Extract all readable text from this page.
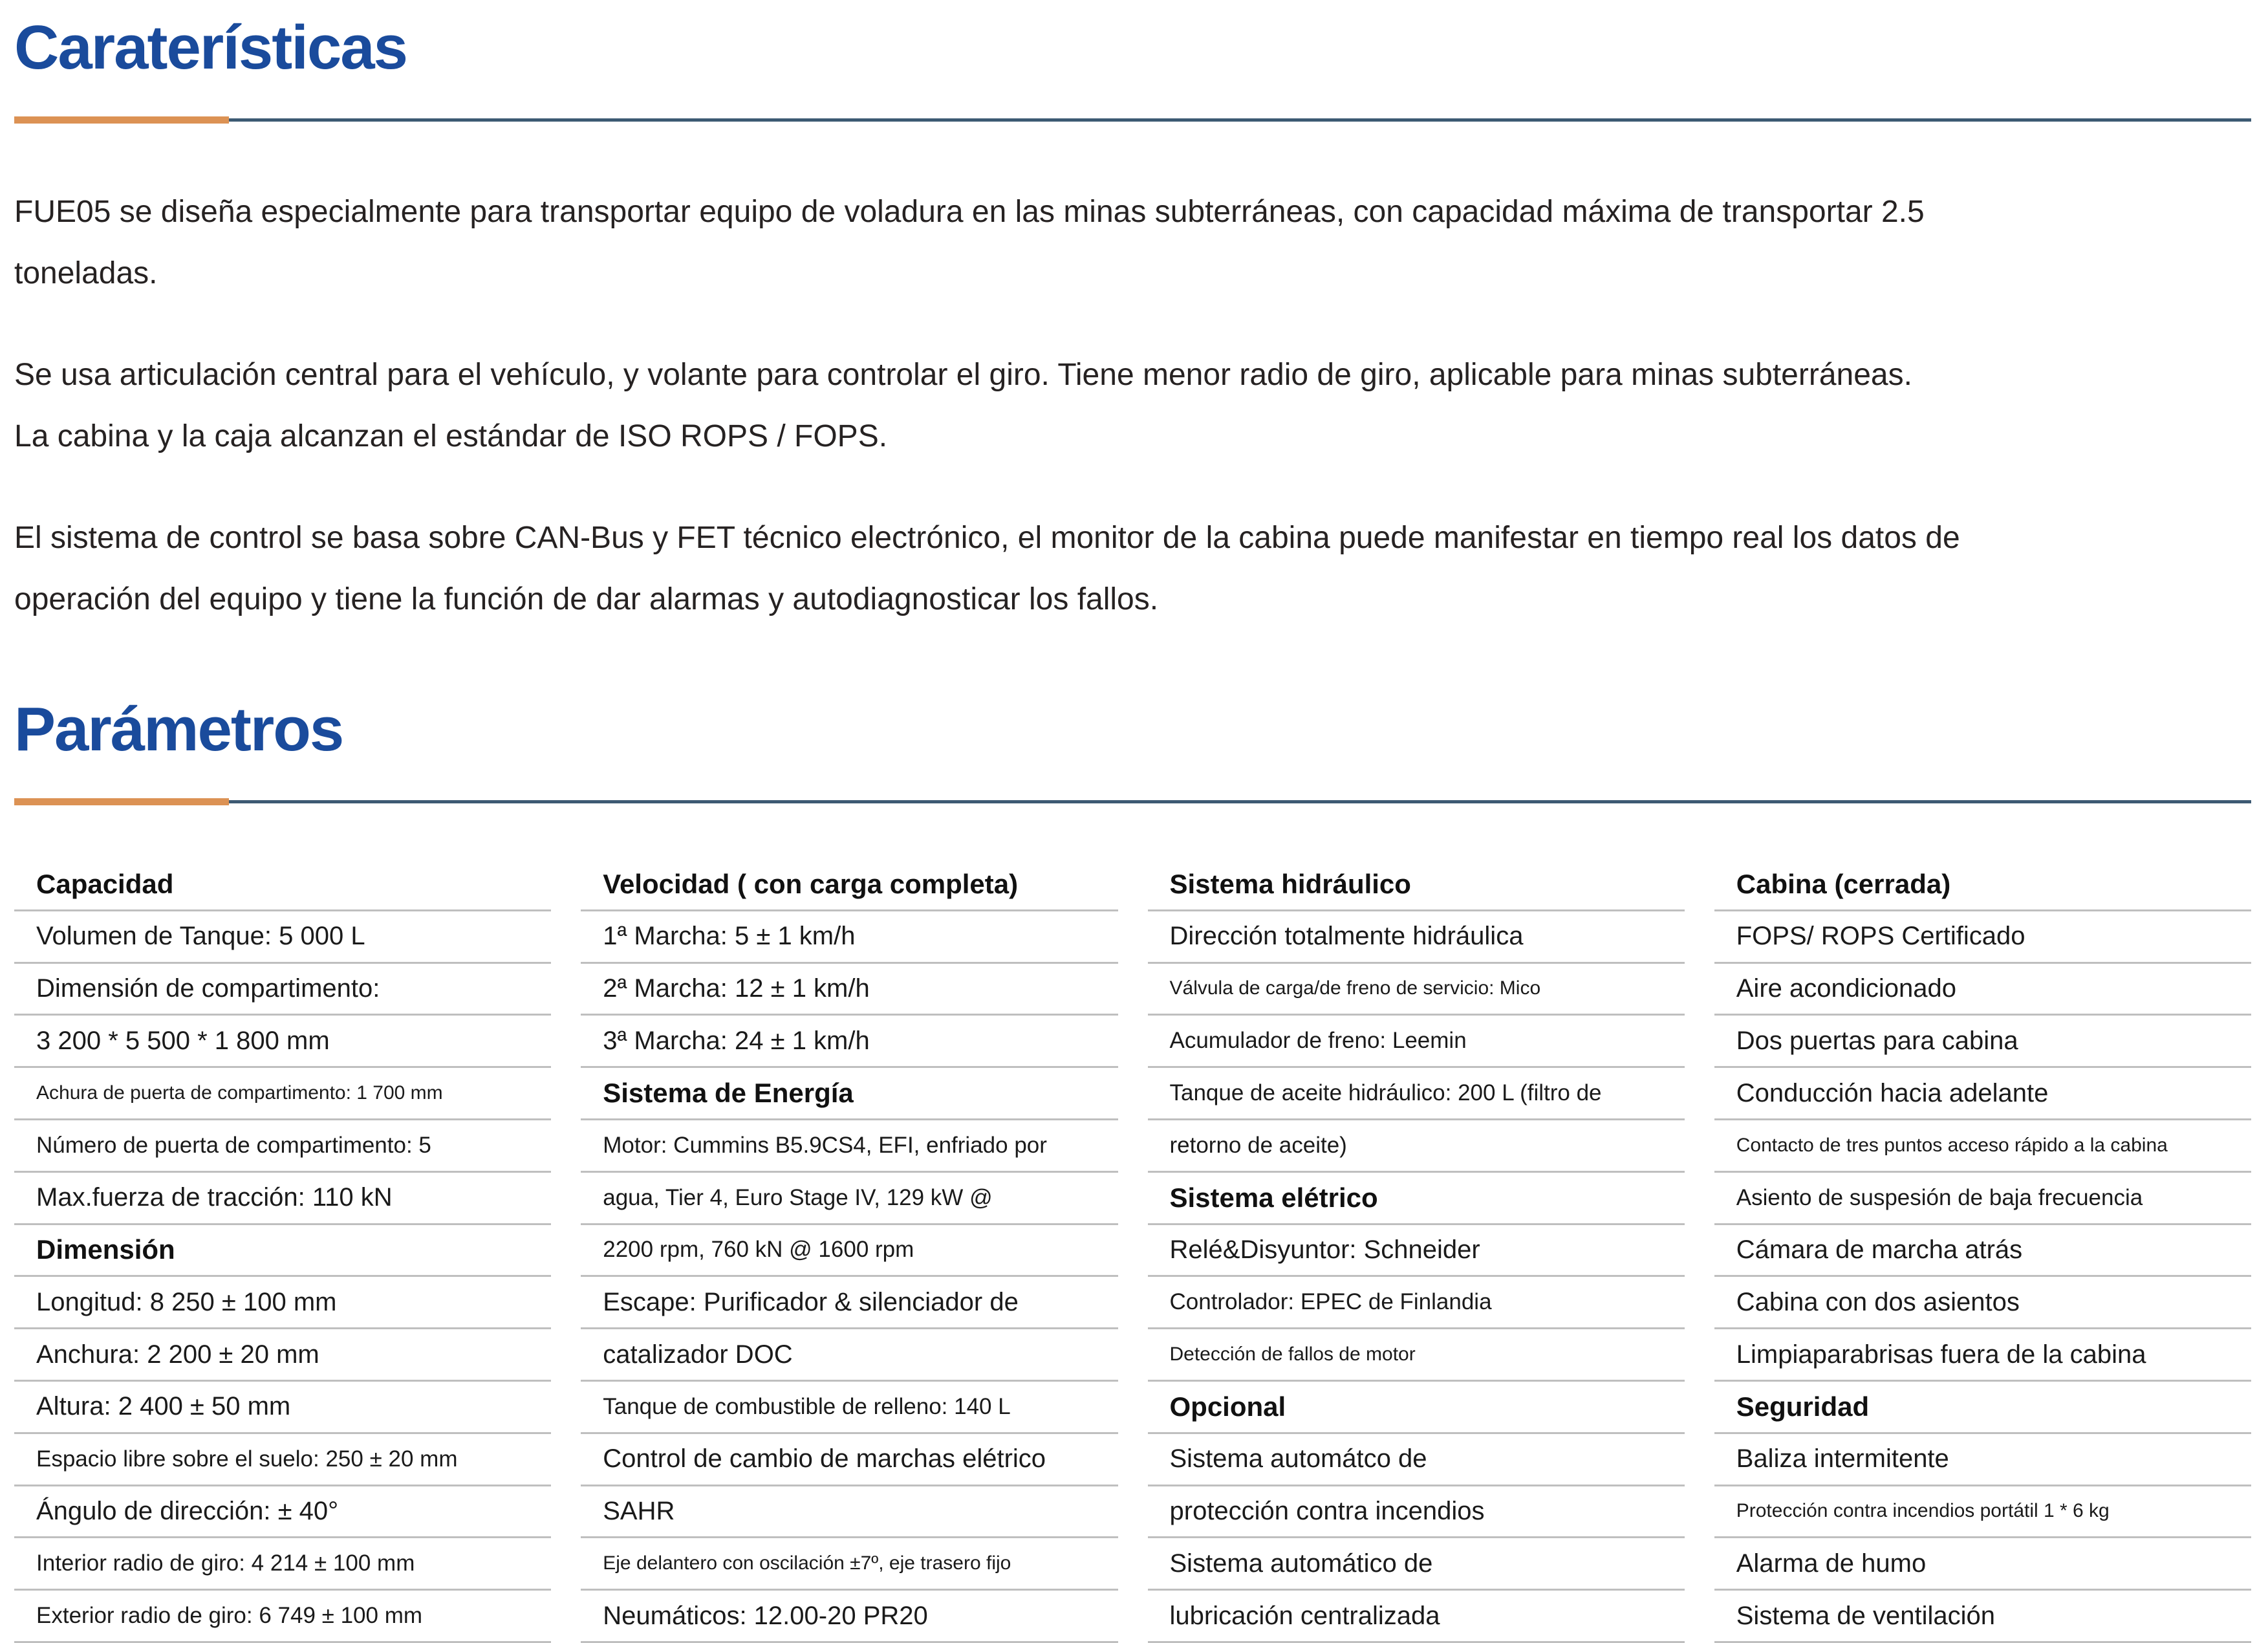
Caraterísticas
FUE05 se diseña especialmente para transportar equipo de voladura en las minas subterráneas, con capacidad máxima de transportar 2.5
toneladas.
Se usa articulación central para el vehículo, y volante para controlar el giro. Tiene menor radio de giro, aplicable para minas subterráneas.
La cabina y la caja alcanzan el estándar de ISO ROPS / FOPS.
El sistema de control se basa sobre CAN-Bus y FET técnico electrónico, el monitor de la cabina puede manifestar en tiempo real los datos de
operación del equipo y tiene la función de dar alarmas y autodiagnosticar los fallos.
Parámetros
Capacidad
Volumen de Tanque: 5 000 L
Dimensión de compartimento:
3 200 * 5 500 * 1 800 mm
Achura de puerta de compartimento: 1 700 mm
Número de puerta de compartimento: 5
Max.fuerza de tracción: 110 kN
Dimensión
Longitud: 8 250 ± 100 mm
Anchura: 2 200 ± 20 mm
Altura: 2 400 ± 50 mm
Espacio libre sobre el suelo: 250 ± 20 mm
Ángulo de dirección: ± 40°
Interior radio de giro: 4 214 ± 100 mm
Exterior radio de giro: 6 749 ± 100 mm
Velocidad ( con carga completa)
1ª Marcha: 5 ± 1 km/h
2ª Marcha: 12 ± 1 km/h
3ª Marcha: 24 ± 1 km/h
Sistema de Energía
Motor: Cummins B5.9CS4, EFI, enfriado por
agua, Tier 4, Euro Stage IV, 129 kW @
2200 rpm, 760 kN @ 1600 rpm
Escape: Purificador & silenciador de
catalizador DOC
Tanque de combustible de relleno: 140 L
Control de cambio de marchas elétrico
SAHR
Eje delantero con oscilación ±7º, eje trasero fijo
Neumáticos: 12.00-20 PR20
Sistema hidráulico
Dirección totalmente hidráulica
Válvula de carga/de freno de servicio: Mico
Acumulador de freno: Leemin
Tanque de aceite hidráulico: 200 L (filtro de
retorno de aceite)
Sistema elétrico
Relé&Disyuntor: Schneider
Controlador: EPEC de Finlandia
Detección de fallos de motor
Opcional
Sistema automátco de
protección contra incendios
Sistema automático de
lubricación centralizada
Cabina (cerrada)
FOPS/ ROPS Certificado
Aire acondicionado
Dos puertas para cabina
Conducción hacia adelante
Contacto de tres puntos acceso rápido a la cabina
Asiento de suspesión de baja frecuencia
Cámara de marcha atrás
Cabina con dos asientos
Limpiaparabrisas fuera de la cabina
Seguridad
Baliza intermitente
Protección contra incendios portátil 1 * 6 kg
Alarma de humo
Sistema de ventilación
